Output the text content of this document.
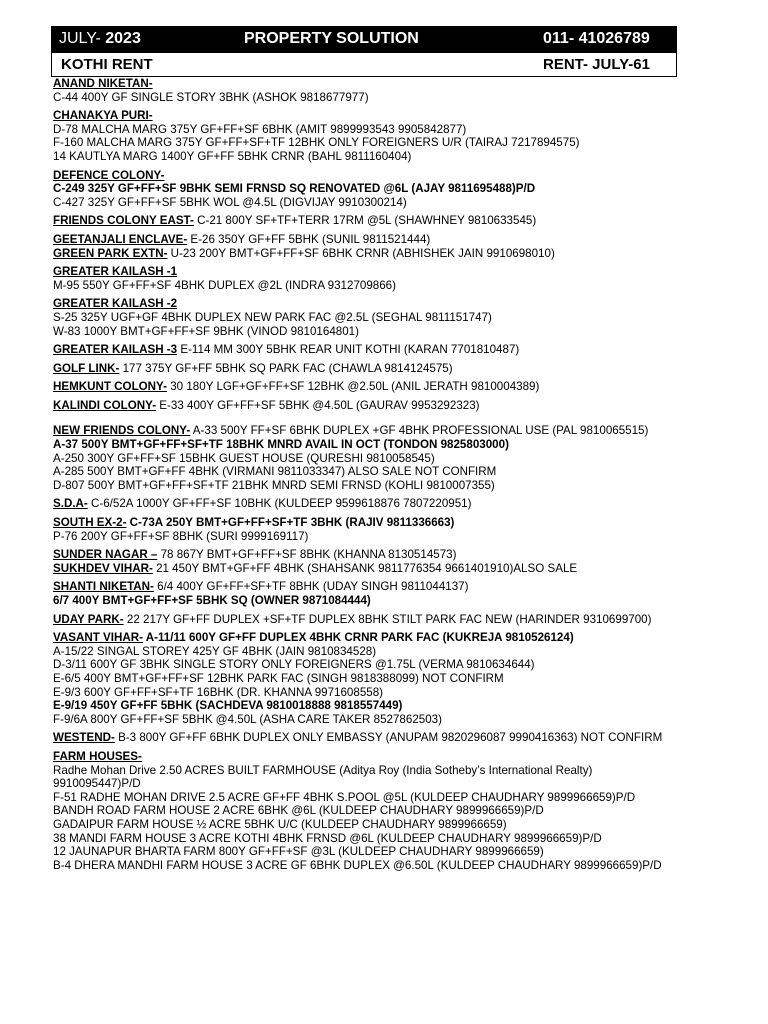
JULY- 2023	PROPERTY SOLUTION	011- 41026789
KOTHI RENT	RENT- JULY-61
ANAND NIKETAN-
C-44 400Y GF SINGLE STORY 3BHK (ASHOK 9818677977)
CHANAKYA PURI-
D-78 MALCHA MARG 375Y GF+FF+SF 6BHK (AMIT 9899993543 9905842877)
F-160 MALCHA MARG 375Y GF+FF+SF+TF 12BHK ONLY FOREIGNERS U/R (TAIRAJ 7217894575)
14 KAUTLYA MARG 1400Y GF+FF 5BHK CRNR (BAHL 9811160404)
DEFENCE COLONY-
C-249 325Y GF+FF+SF 9BHK SEMI FRNSD SQ RENOVATED @6L (AJAY 9811695488)P/D
C-427 325Y GF+FF+SF 5BHK WOL @4.5L (DIGVIJAY 9910300214)
FRIENDS COLONY EAST- C-21 800Y SF+TF+TERR 17RM @5L (SHAWHNEY 9810633545)
GEETANJALI ENCLAVE- E-26 350Y GF+FF 5BHK (SUNIL 9811521444)
GREEN PARK EXTN- U-23 200Y BMT+GF+FF+SF 6BHK CRNR (ABHISHEK JAIN 9910698010)
GREATER KAILASH -1
M-95 550Y GF+FF+SF 4BHK DUPLEX @2L (INDRA 9312709866)
GREATER KAILASH -2
S-25 325Y UGF+GF 4BHK DUPLEX NEW PARK FAC @2.5L (SEGHAL 9811151747)
W-83 1000Y BMT+GF+FF+SF 9BHK (VINOD 9810164801)
GREATER KAILASH -3 E-114 MM 300Y 5BHK REAR UNIT KOTHI (KARAN 7701810487)
GOLF LINK- 177 375Y GF+FF 5BHK SQ PARK FAC (CHAWLA 9814124575)
HEMKUNT COLONY- 30 180Y LGF+GF+FF+SF 12BHK @2.50L (ANIL JERATH 9810004389)
KALINDI COLONY- E-33 400Y GF+FF+SF 5BHK @4.50L (GAURAV 9953292323)
NEW FRIENDS COLONY- A-33 500Y FF+SF 6BHK DUPLEX +GF 4BHK PROFESSIONAL USE (PAL 9810065515)
A-37 500Y BMT+GF+FF+SF+TF 18BHK MNRD AVAIL IN OCT (TONDON 9825803000)
A-250 300Y GF+FF+SF 15BHK GUEST HOUSE (QURESHI 9810058545)
A-285 500Y BMT+GF+FF 4BHK (VIRMANI 9811033347) ALSO SALE NOT CONFIRM
D-807 500Y BMT+GF+FF+SF+TF 21BHK MNRD SEMI FRNSD (KOHLI 9810007355)
S.D.A- C-6/52A 1000Y GF+FF+SF 10BHK (KULDEEP 9599618876 7807220951)
SOUTH EX-2- C-73A 250Y BMT+GF+FF+SF+TF 3BHK (RAJIV 9811336663)
P-76 200Y GF+FF+SF 8BHK (SURI 9999169117)
SUNDER NAGAR – 78 867Y BMT+GF+FF+SF 8BHK (KHANNA 8130514573)
SUKHDEV VIHAR- 21 450Y BMT+GF+FF 4BHK (SHAHSANK 9811776354 9661401910)ALSO SALE
SHANTI NIKETAN- 6/4 400Y GF+FF+SF+TF 8BHK (UDAY SINGH 9811044137)
6/7 400Y BMT+GF+FF+SF 5BHK SQ (OWNER 9871084444)
UDAY PARK- 22 217Y GF+FF DUPLEX +SF+TF DUPLEX 8BHK STILT PARK FAC NEW (HARINDER 9310699700)
VASANT VIHAR- A-11/11 600Y GF+FF DUPLEX 4BHK CRNR PARK FAC (KUKREJA 9810526124)
A-15/22 SINGAL STOREY 425Y GF 4BHK (JAIN 9810834528)
D-3/11 600Y GF 3BHK SINGLE STORY ONLY FOREIGNERS @1.75L (VERMA 9810634644)
E-6/5 400Y BMT+GF+FF+SF 12BHK PARK FAC (SINGH 9818388099) NOT CONFIRM
E-9/3 600Y GF+FF+SF+TF 16BHK (DR. KHANNA 9971608558)
E-9/19 450Y GF+FF 5BHK (SACHDEVA 9810018888 9818557449)
F-9/6A 800Y GF+FF+SF 5BHK @4.50L (ASHA CARE TAKER 8527862503)
WESTEND- B-3 800Y GF+FF 6BHK DUPLEX ONLY EMBASSY (ANUPAM 9820296087 9990416363) NOT CONFIRM
FARM HOUSES-
Radhe Mohan Drive 2.50 ACRES BUILT FARMHOUSE (Aditya Roy (India Sotheby’s International Realty)
9910095447)P/D
F-51 RADHE MOHAN DRIVE 2.5 ACRE GF+FF 4BHK S.POOL @5L (KULDEEP CHAUDHARY 9899966659)P/D
BANDH ROAD FARM HOUSE 2 ACRE 6BHK @6L (KULDEEP CHAUDHARY 9899966659)P/D
GADAIPUR FARM HOUSE ½ ACRE 5BHK U/C (KULDEEP CHAUDHARY 9899966659)
38 MANDI FARM HOUSE 3 ACRE KOTHI 4BHK FRNSD @6L (KULDEEP CHAUDHARY 9899966659)P/D
12 JAUNAPUR BHARTA FARM 800Y GF+FF+SF @3L (KULDEEP CHAUDHARY 9899966659)
B-4 DHERA MANDHI FARM HOUSE 3 ACRE GF 6BHK DUPLEX @6.50L (KULDEEP CHAUDHARY 9899966659)P/D
